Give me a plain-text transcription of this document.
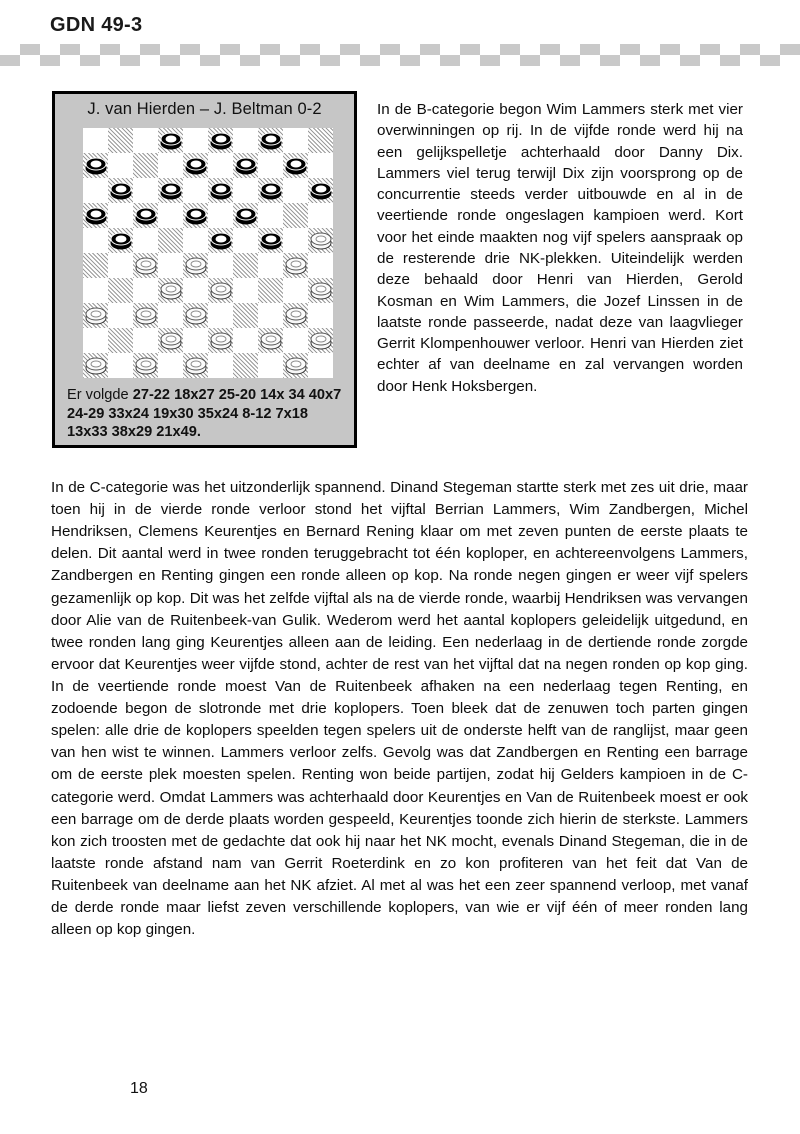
GDN 49-3
J. van Hierden – J. Beltman 0-2
Er volgde 27-22 18x27 25-20 14x 34 40x7 24-29 33x24 19x30 35x24 8-12 7x18 13x33 38x29 21x49.
In de B-categorie begon Wim Lammers sterk met vier overwinningen op rij. In de vijfde ronde werd hij na een gelijkspelletje achterhaald door Danny Dix. Lammers viel terug terwijl Dix zijn voorsprong op de concurrentie steeds verder uitbouwde en al in de veertiende ronde ongeslagen kampioen werd. Kort voor het einde maakten nog vijf spelers aanspraak op de resterende drie NK-plekken. Uiteindelijk werden deze behaald door Henri van Hierden, Gerold Kosman en Wim Lammers, die Jozef Linssen in de laatste ronde passeerde, nadat deze van laagvlieger Gerrit Klompenhouwer verloor. Henri van Hierden ziet echter af van deelname en zal vervangen worden door Henk Hoksbergen.
In de C-categorie was het uitzonderlijk spannend. Dinand Stegeman startte sterk met zes uit drie, maar toen hij in de vierde ronde verloor stond het vijftal Berrian Lammers, Wim Zandbergen, Michel Hendriksen, Clemens Keurentjes en Bernard Rening klaar om met zeven punten de eerste plaats te delen. Dit aantal werd in twee ronden teruggebracht tot één koploper, en achtereenvolgens Lammers, Zandbergen en Renting gingen een ronde alleen op kop. Na ronde negen gingen er weer vijf spelers gezamenlijk op kop. Dit was het zelfde vijftal als na de vierde ronde, waarbij Hendriksen was vervangen door Alie van de Ruitenbeek-van Gulik. Wederom werd het aantal koplopers geleidelijk uitgedund, en twee ronden lang ging Keurentjes alleen aan de leiding. Een nederlaag in de dertiende ronde zorgde ervoor dat Keurentjes weer vijfde stond, achter de rest van het vijftal dat na negen ronden op kop ging. In de veertiende ronde moest Van de Ruitenbeek afhaken na een nederlaag tegen Renting, en zodoende begon de slotronde met drie koplopers. Toen bleek dat de zenuwen toch parten gingen spelen: alle drie de koplopers speelden tegen spelers uit de onderste helft van de ranglijst, maar geen van hen wist te winnen. Lammers verloor zelfs. Gevolg was dat Zandbergen en Renting een barrage om de eerste plek moesten spelen. Renting won beide partijen, zodat hij Gelders kampioen in de C-categorie werd. Omdat Lammers was achterhaald door Keurentjes en Van de Ruitenbeek moest er ook een barrage om de derde plaats worden gespeeld, Keurentjes toonde zich hierin de sterkste. Lammers kon zich troosten met de gedachte dat ook hij naar het NK mocht, evenals Dinand Stegeman, die in de laatste ronde afstand nam van Gerrit Roeterdink en zo kon profiteren van het feit dat Van de Ruitenbeek van deelname aan het NK afziet. Al met al was het een zeer spannend verloop, met vanaf de derde ronde maar liefst zeven verschillende koplopers, van wie er vijf één of meer ronden lang alleen op kop gingen.
18
